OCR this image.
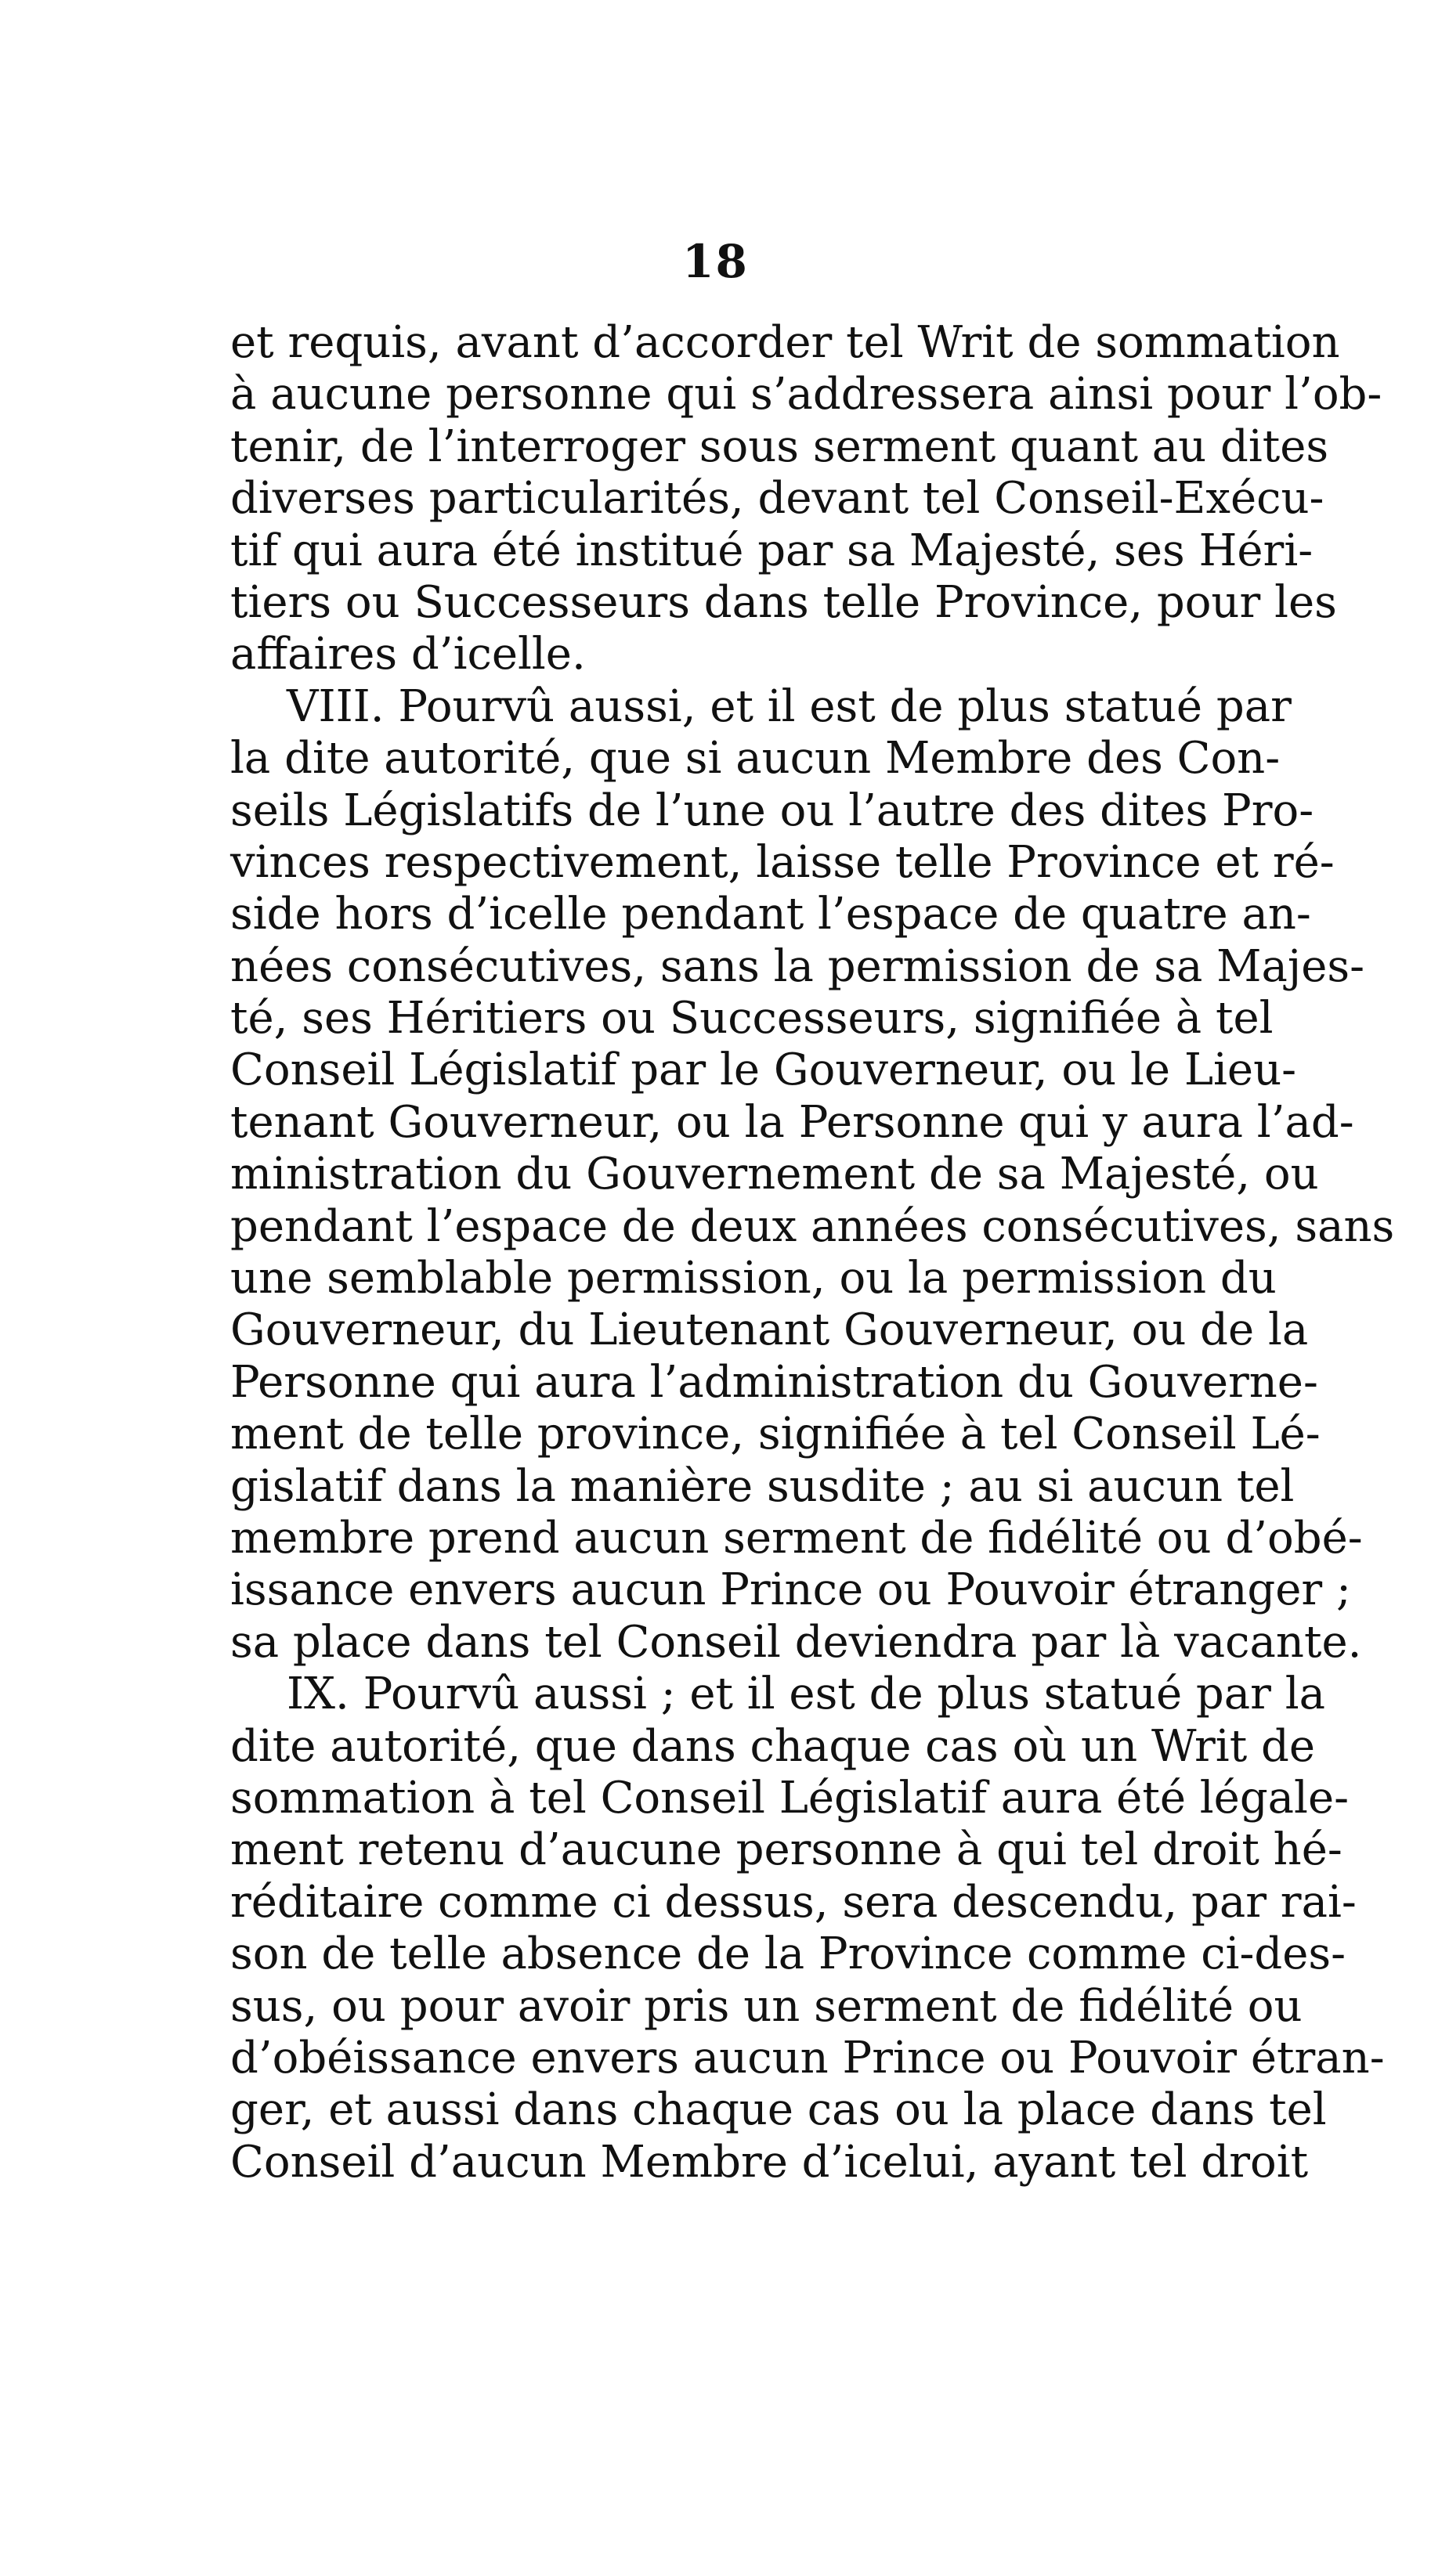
18
et requis, avant d’accorder tel Writ de sommation
à aucune personne qui s’addressera ainsi pour l’ob-
tenir, de l’interroger sous serment quant au dites
diverses particularités, devant tel Conseil-Exécu-
tif qui aura été institué par sa Majesté, ses Héri-
tiers ou Successeurs dans telle Province, pour les
affaires d’icelle.
VIII. Pourvû aussi, et il est de plus statué par
la dite autorité, que si aucun Membre des Con-
seils Législatifs de l’une ou l’autre des dites Pro-
vinces respectivement, laisse telle Province et ré-
side hors d’icelle pendant l’espace de quatre an-
nées consécutives, sans la permission de sa Majes-
té, ses Héritiers ou Successeurs, signifiée à tel
Conseil Législatif par le Gouverneur, ou le Lieu-
tenant Gouverneur, ou la Personne qui y aura l’ad-
ministration du Gouvernement de sa Majesté, ou
pendant l’espace de deux années consécutives, sans
une semblable permission, ou la permission du
Gouverneur, du Lieutenant Gouverneur, ou de la
Personne qui aura l’administration du Gouverne-
ment de telle province, signifiée à tel Conseil Lé-
gislatif dans la manière susdite ; au si aucun tel
membre prend aucun serment de fidélité ou d’obé-
issance envers aucun Prince ou Pouvoir étranger ;
sa place dans tel Conseil deviendra par là vacante.
IX. Pourvû aussi ; et il est de plus statué par la
dite autorité, que dans chaque cas où un Writ de
sommation à tel Conseil Législatif aura été légale-
ment retenu d’aucune personne à qui tel droit hé-
réditaire comme ci dessus, sera descendu, par rai-
son de telle absence de la Province comme ci-des-
sus, ou pour avoir pris un serment de fidélité ou
d’obéissance envers aucun Prince ou Pouvoir étran-
ger, et aussi dans chaque cas ou la place dans tel
Conseil d’aucun Membre d’icelui, ayant tel droit
